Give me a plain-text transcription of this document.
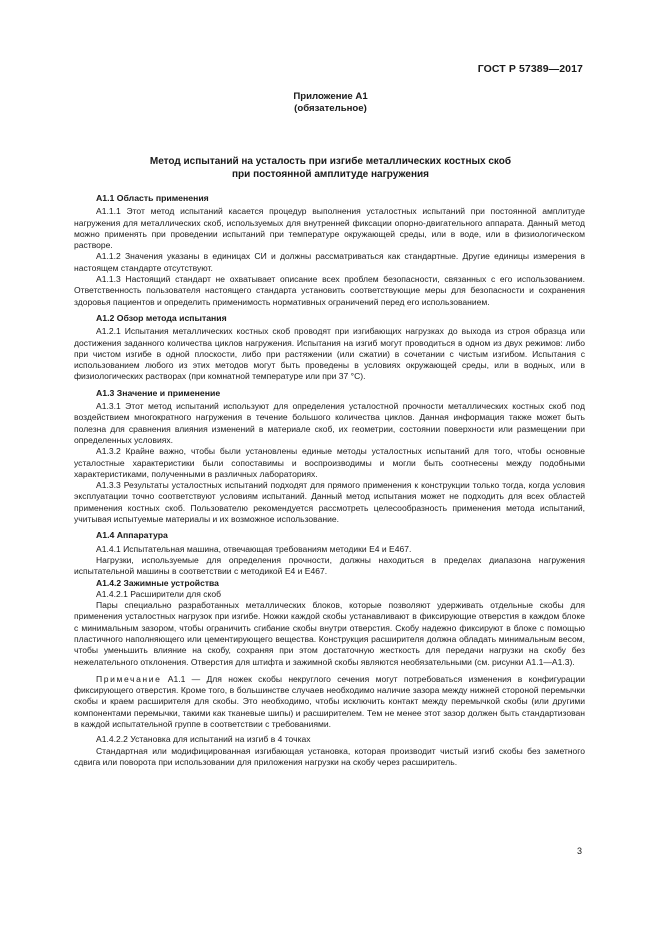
ГОСТ Р 57389—2017
Приложение А1
(обязательное)
Метод испытаний на усталость при изгибе металлических костных скоб
при постоянной амплитуде нагружения
А1.1 Область применения

А1.1.1 Этот метод испытаний касается процедур выполнения усталостных испытаний при постоянной амплитуде нагружения для металлических скоб, используемых для внутренней фиксации опорно-двигательного аппарата. Данный метод можно применять при проведении испытаний при температуре окружающей среды, или в воде, или в физиологическом растворе.

А1.1.2 Значения указаны в единицах СИ и должны рассматриваться как стандартные. Другие единицы измерения в настоящем стандарте отсутствуют.

А1.1.3 Настоящий стандарт не охватывает описание всех проблем безопасности, связанных с его использованием. Ответственность пользователя настоящего стандарта установить соответствующие меры для безопасности и сохранения здоровья пациентов и определить применимость нормативных ограничений перед его использованием.

А1.2 Обзор метода испытания

А1.2.1 Испытания металлических костных скоб проводят при изгибающих нагрузках до выхода из строя образца или достижения заданного количества циклов нагружения. Испытания на изгиб могут проводиться в одном из двух режимов: либо при чистом изгибе в одной плоскости, либо при растяжении (или сжатии) в сочетании с чистым изгибом. Испытания с использованием любого из этих методов могут быть проведены в условиях окружающей среды, или в водных, или в физиологических растворах (при комнатной температуре или при 37 °С).

А1.3 Значение и применение

А1.3.1 Этот метод испытаний используют для определения усталостной прочности металлических костных скоб под воздействием многократного нагружения в течение большого количества циклов. Данная информация также может быть полезна для сравнения влияния изменений в материале скоб, их геометрии, состоянии поверхности или размещении при определенных условиях.

А1.3.2 Крайне важно, чтобы были установлены единые методы усталостных испытаний для того, чтобы основные усталостные характеристики были сопоставимы и воспроизводимы и могли быть соотнесены между подобными характеристиками, полученными в различных лабораториях.

А1.3.3 Результаты усталостных испытаний подходят для прямого применения к конструкции только тогда, когда условия эксплуатации точно соответствуют условиям испытаний. Данный метод испытания может не подходить для всех областей применения костных скоб. Пользователю рекомендуется рассмотреть целесообразность применения метода испытаний, учитывая испытуемые материалы и их возможное использование.

А1.4 Аппаратура

А1.4.1 Испытательная машина, отвечающая требованиям методики Е4 и Е467.

Нагрузки, используемые для определения прочности, должны находиться в пределах диапазона нагружения испытательной машины в соответствии с методикой Е4 и Е467.

А1.4.2 Зажимные устройства

А1.4.2.1 Расширители для скоб

Пары специально разработанных металлических блоков, которые позволяют удерживать отдельные скобы для применения усталостных нагрузок при изгибе. Ножки каждой скобы устанавливают в фиксирующие отверстия в каждом блоке с минимальным зазором, чтобы ограничить сгибание скобы внутри отверстия. Скобу надежно фиксируют в блоке с помощью пластичного наполняющего или цементирующего вещества. Конструкция расширителя должна обладать минимальным весом, чтобы уменьшить влияние на скобу, сохраняя при этом достаточную жесткость для передачи нагрузки на скобу без нежелательного отклонения. Отверстия для штифта и зажимной скобы являются необязательными (см. рисунки А1.1—А1.3).

Примечание А1.1 — Для ножек скобы некруглого сечения могут потребоваться изменения в конфигурации фиксирующего отверстия. Кроме того, в большинстве случаев необходимо наличие зазора между нижней стороной перемычки скобы и краем расширителя для скобы. Это необходимо, чтобы исключить контакт между перемычкой скобы (или другими компонентами перемычки, такими как тканевые шипы) и расширителем. Тем не менее этот зазор должен быть стандартизован в каждой испытательной группе в соответствии с требованиями.

А1.4.2.2 Установка для испытаний на изгиб в 4 точках

Стандартная или модифицированная изгибающая установка, которая производит чистый изгиб скобы без заметного сдвига или поворота при использовании для приложения нагрузки на скобу через расширитель.

3
